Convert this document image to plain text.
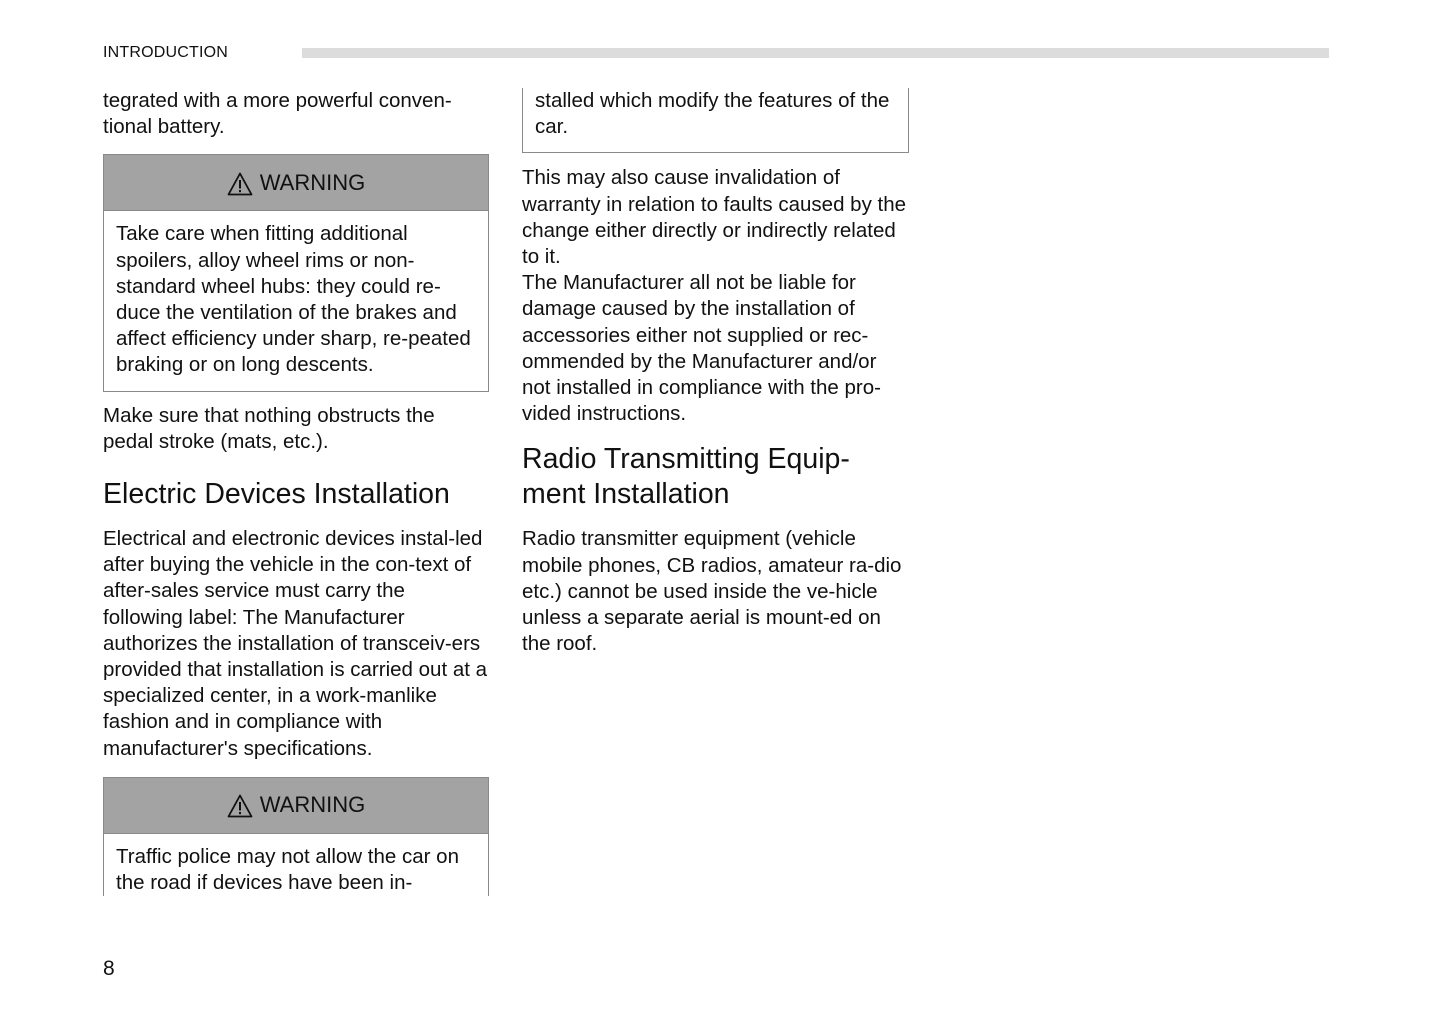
INTRODUCTION

tegrated with a more powerful conven-
tional battery.

WARNING

Take care when fitting additional spoilers, alloy wheel rims or non-standard wheel hubs: they could re-duce the ventilation of the brakes and affect efficiency under sharp, re-peated braking or on long descents.

Make sure that nothing obstructs the pedal stroke (mats, etc.).

Electric Devices Installation

Electrical and electronic devices instal-led after buying the vehicle in the con-text of after-sales service must carry the following label: The Manufacturer authorizes the installation of transceiv-ers provided that installation is carried out at a specialized center, in a work-manlike fashion and in compliance with manufacturer's specifications.

WARNING

Traffic police may not allow the car on the road if devices have been in-

stalled which modify the features of the car.

This may also cause invalidation of warranty in relation to faults caused by the change either directly or indirectly related to it.

The Manufacturer all not be liable for damage caused by the installation of accessories either not supplied or rec-ommended by the Manufacturer and/or not installed in compliance with the pro-vided instructions.

Radio Transmitting Equip-ment Installation

Radio transmitter equipment (vehicle mobile phones, CB radios, amateur ra-dio etc.) cannot be used inside the ve-hicle unless a separate aerial is mount-ed on the roof.

8
